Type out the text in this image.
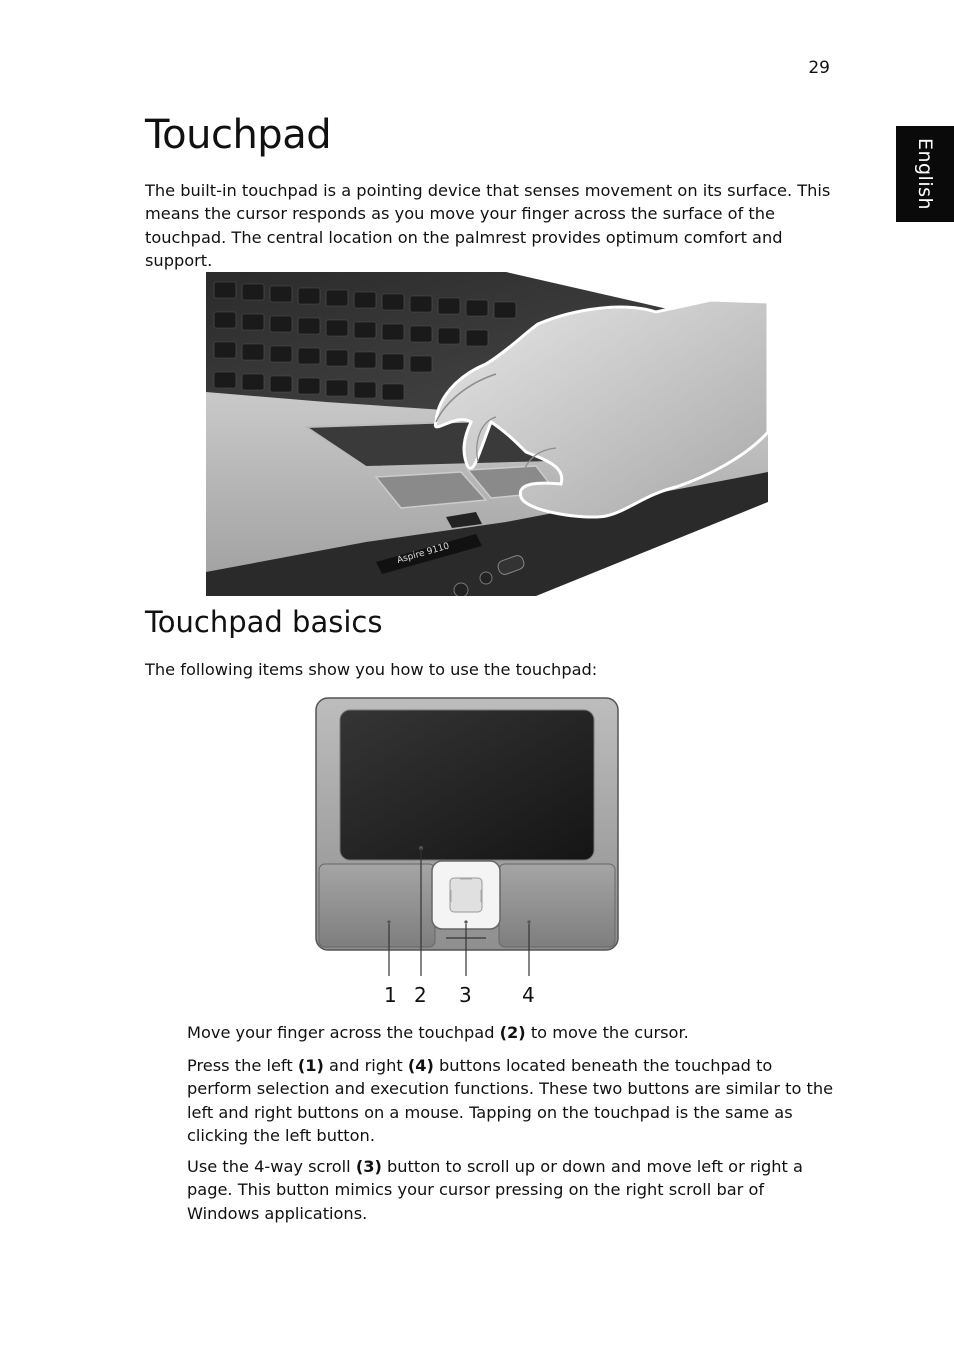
29
English
Touchpad

The built-in touchpad is a pointing device that senses movement on its surface. This means the cursor responds as you move your finger across the surface of the touchpad. The central location on the palmrest provides optimum comfort and support.

Aspire 9110
Touchpad basics

The following items show you how to use the touchpad:

1 2 3	4

Move your finger across the touchpad (2) to move the cursor.

Press the left (1) and right (4) buttons located beneath the touchpad to perform selection and execution functions. These two buttons are similar to the left and right buttons on a mouse. Tapping on the touchpad is the same as clicking the left button.

Use the 4-way scroll (3) button to scroll up or down and move left or right a page. This button mimics your cursor pressing on the right scroll bar of Windows applications.
